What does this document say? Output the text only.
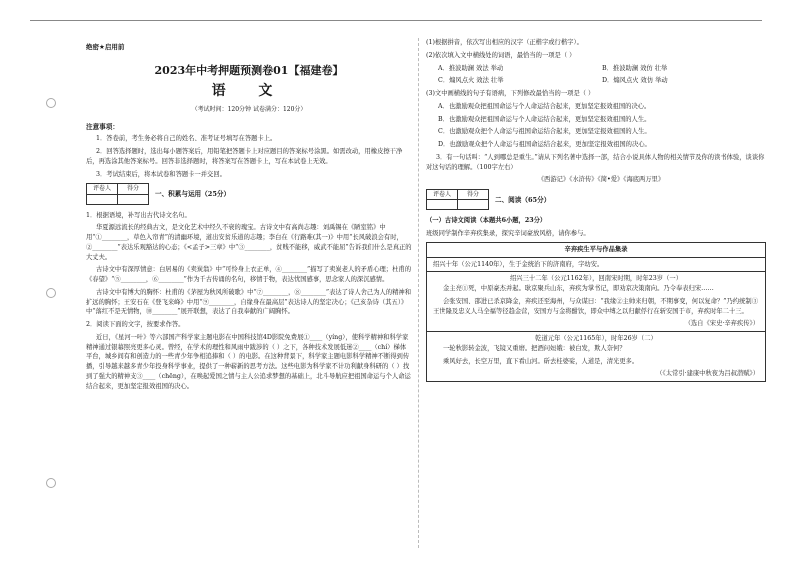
绝密★启用前
2023年中考押题预测卷01【福建卷】
语 文
（考试时间：120分钟 试卷满分：120分）
注意事项：

1．答卷前，考生务必将自己的姓名、准考证号填写在答题卡上。

2．回答选择题时，选出每小题答案后，用铅笔把答题卡上对应题目的答案标号涂黑。如需改动，用橡皮擦干净后，再选涂其他答案标号。回答非选择题时，将答案写在答题卡上，写在本试卷上无效。

3．考试结束后，将本试卷和答题卡一并交回。

评卷人	得分

一、积累与运用（25分）

1．根据语境，补写出古代诗文名句。

华夏源远流长的经典古文，是文化艺术中经久不衰的瑰宝。古诗文中有高尚志趣：刘禹锡在《陋室铭》中用“①________，草色入帘青”的清幽环境，道出安贫乐道的志趣；李白在《行路难(其一)》中用“长风破浪会有时，②________”表达乐观豁达的心态；《<孟子>三章》中“③________，贫贱不能移，威武不能屈”告诉我们什么是真正的大丈夫。

古诗文中有深厚情意：白居易的《卖炭翁》中“可怜身上衣正单，④________”描写了卖炭老人的矛盾心理；杜甫的《春望》“⑤________，⑥________”作为千古传诵的名句，移情于物，表达忧国感事，思念家人的深沉感情。

古诗文中有博大的胸怀：杜甫的《茅屋为秋风所破歌》中“⑦________，⑧________”表达了诗人舍己为人的精神和扩远的胸怀；王安石在《登飞来峰》中用“⑨________，自缘身在最高层”表达诗人的坚定决心；《己亥杂诗（其五）》中“落红不是无情物，⑩________”展开联想，表达了自我奉献的广阔胸怀。

2．阅读下面的文字，按要求作答。

近日，《星河一叶》等六部国产科学家主题电影在中国科技馆4D影院免费展①____（yíng），使科学精神和科学家精神通过银幕照亮更多心灵。曾经，在学术的理性和风雨中跋涉的（ ）之下，各种技术发展低迷②____（chí）梯体平台，城乡间有和创造力的一些青少年争相追捧和（ ）的电影。在这种背景下，科学家主题电影科学精神不断得到传播，引导越来越多青少年投身科学事业，提供了一种崭新的思考方法。这些电影为科学家不计功利献身科研的（ ）找到了强大的精神支③____（chēng），在唤起爱国之情与主人公追求梦想的基础上，北斗导航应把祖国命运与个人命运结合起来，更加坚定报效祖国的决心。

(1)根据拼音，依次写出相应的汉字（正楷字或行楷字）。

(2)依次填入文中横线处的词语，最恰当的一项是（ ）

A．推波助澜 效法 举动	B．推波助澜 效仿 壮举
C．煽风点火 效法 壮举	D．煽风点火 效仿 举动

(3)文中画横线的句子有语病，下列修改最恰当的一项是（ ）

A．也激励观众把祖国命运与个人命运结合起来，更加坚定报效祖国的决心。

B．也激励观众把祖国命运与个人命运结合起来，更加坚定报效祖国的人生。

C．也激励观众把个人命运与祖国命运结合起来，更加坚定报效祖国的人生。

D．也激励观众把个人命运与祖国命运结合起来，更加坚定报效祖国的决心。

3．有一句话叫：“人到哪总是重生。”请从下列名著中选择一部，结合小说具体人物的相关情节及你的读书体验，谈谈你对这句话的理解。（100字左右）

《西游记》《水浒传》《简•爱》《海底两万里》

评卷人	得分

二、阅读（65分）

（一）古诗文阅读（本题共6小题，23分）

班级同学制作辛弃疾集录，探究辛词豪放风格，请你参与。

辛弃疾生平与作品集录
绍兴十年（公元1140年），生于金统治下的济南府，字幼安。
绍兴三十二年（公元1162年），回南宋时期，时年23岁（一）

金主亮①死，中原豪杰并起。耿京聚兵山东，弃疾为掌书记，即劝京决策南向。乃令奉表归宋……

会张安国、邵进已杀京降金，弃疾还至海州，与众谋曰：“我缘②主帅来归朝，不期事变，何以复命？”乃约统制③王世隆及忠义人马全福等径趋金营，安国方与金将酣饮，即众中缚之以归献俘行在斩安国于市，弃疾时年二十三。

（选自《宋史·辛弃疾传》）
乾道元年（公元1165年），时年26岁（二）

一轮秋影转金波，飞镜又重磨。把酒问姮娥：被白发，欺人奈何？

乘风好去，长空万里，直下看山河。斫去桂婆娑，人道是，清光更多。

（《太常引·建康中秋夜为吕叔潜赋》）
